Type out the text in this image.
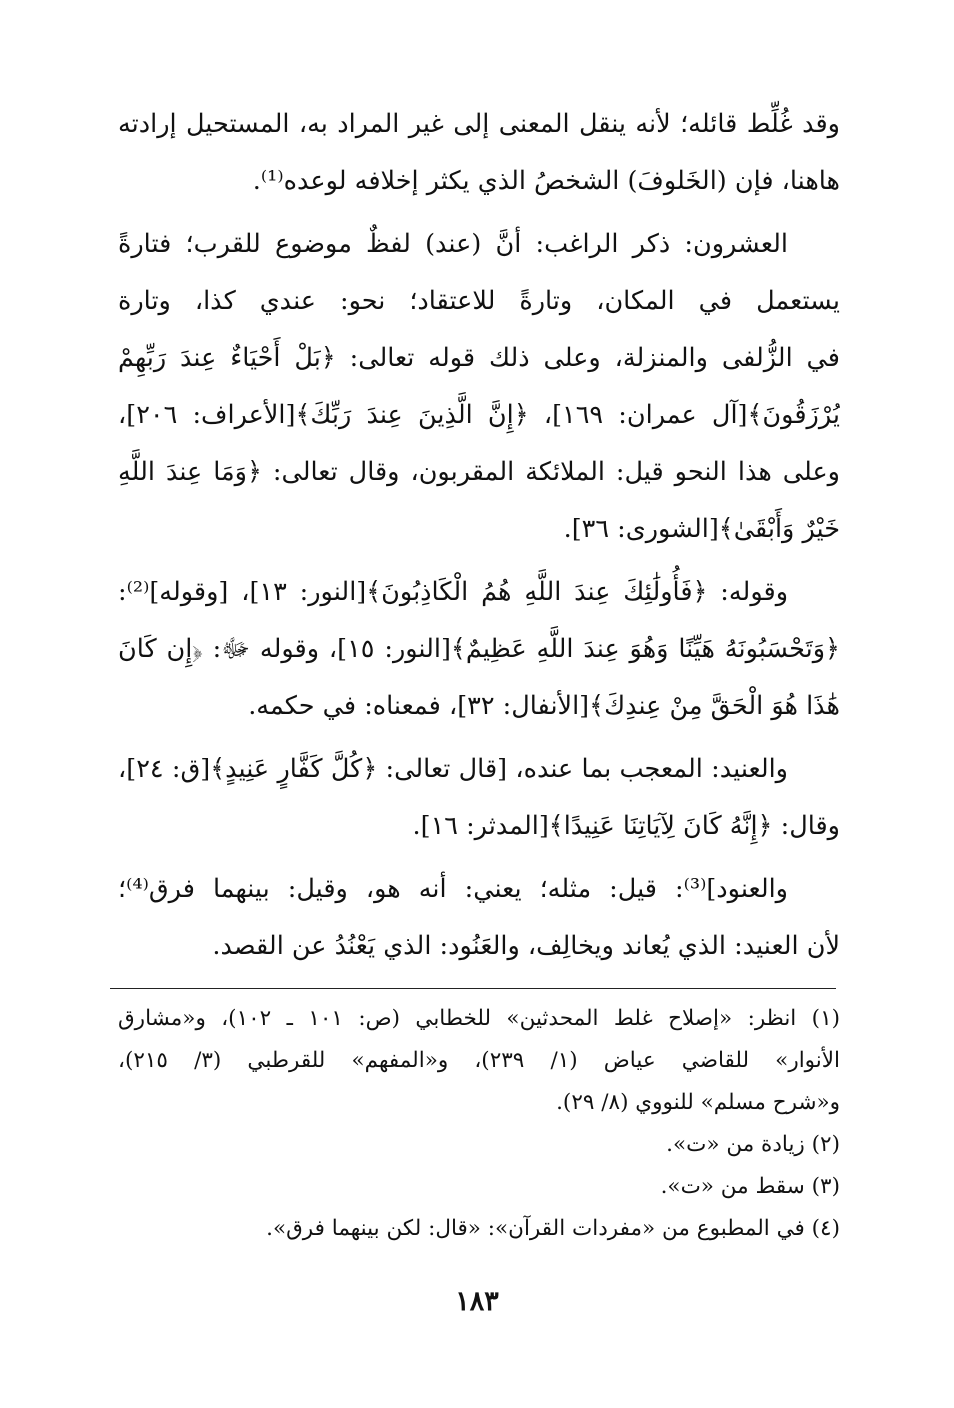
وقد غُلِّط قائله؛ لأنه ينقل المعنى إلى غير المراد به، المستحيل إرادته
هاهنا، فإن (الخَلوفَ) الشخصُ الذي يكثر إخلافه لوعده⁽¹⁾.
العشرون: ذكر الراغب: أنَّ (عند) لفظٌ موضوع للقرب؛ فتارةً
يستعمل في المكان، وتارةً للاعتقاد؛ نحو: عندي كذا، وتارة
في الزُّلفى والمنزلة، وعلى ذلك قوله تعالى: ﴿بَلْ أَحْيَاءٌ عِندَ رَبِّهِمْ
يُرْزَقُونَ﴾[آل عمران: ١٦٩]، ﴿إِنَّ الَّذِينَ عِندَ رَبِّكَ﴾[الأعراف: ٢٠٦]،
وعلى هذا النحو قيل: الملائكة المقربون، وقال تعالى: ﴿وَمَا عِندَ اللَّهِ
خَيْرٌ وَأَبْقَىٰ﴾[الشورى: ٣٦].
وقوله: ﴿فَأُولَٰئِكَ عِندَ اللَّهِ هُمُ الْكَاذِبُونَ﴾[النور: ١٣]، [وقوله]⁽²⁾:
﴿وَتَحْسَبُونَهُ هَيِّنًا وَهُوَ عِندَ اللَّهِ عَظِيمٌ﴾[النور: ١٥]، وقوله ﷻ: ﴿إِن كَانَ
هَٰذَا هُوَ الْحَقَّ مِنْ عِندِكَ﴾[الأنفال: ٣٢]، فمعناه: في حكمه.
والعنيد: المعجب بما عنده، [قال تعالى: ﴿كُلَّ كَفَّارٍ عَنِيدٍ﴾[ق: ٢٤]،
وقال: ﴿إِنَّهُ كَانَ لِآيَاتِنَا عَنِيدًا﴾[المدثر: ١٦].
والعنود]⁽³⁾: قيل: مثله؛ يعني: أنه هو، وقيل: بينهما فرق⁽⁴⁾؛
لأن العنيد: الذي يُعاند ويخالِف، والعَنُود: الذي يَعْنُدُ عن القصد.
(١) انظر: «إصلاح غلط المحدثين» للخطابي (ص: ١٠١ ـ ١٠٢)، و«مشارق
الأنوار» للقاضي عياض (١/ ٢٣٩)، و«المفهم» للقرطبي (٣/ ٢١٥)،
و«شرح مسلم» للنووي (٨/ ٢٩).
(٢) زيادة من «ت».
(٣) سقط من «ت».
(٤) في المطبوع من «مفردات القرآن»: «قال: لكن بينهما فرق».
١٨٣
